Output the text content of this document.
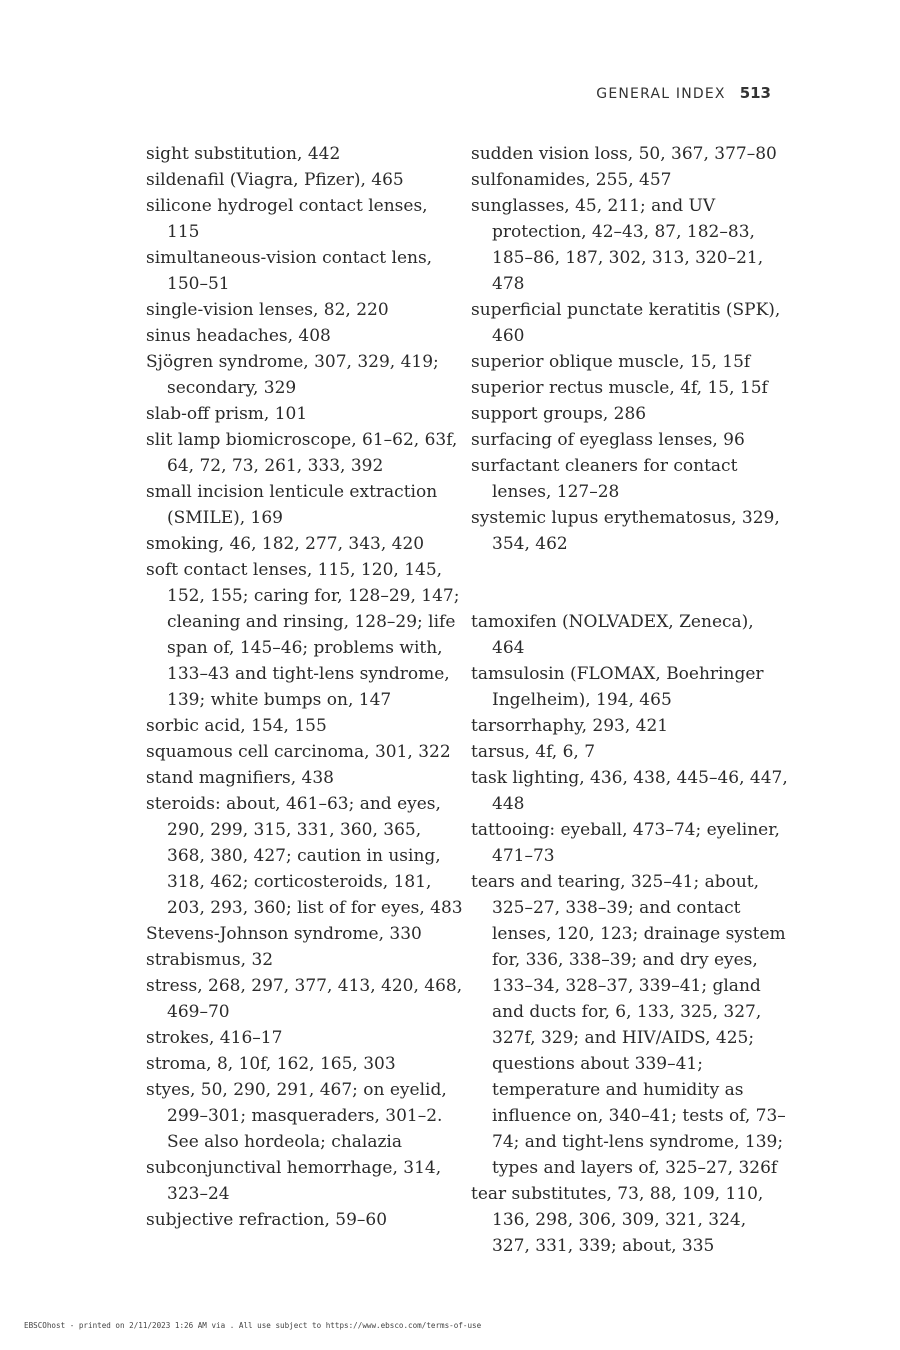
GENERAL INDEX 513
sight substitution, 442
sildenafil (Viagra, Pfizer), 465
silicone hydrogel contact lenses, 115
simultaneous-vision contact lens, 150–51
single-vision lenses, 82, 220
sinus headaches, 408
Sjögren syndrome, 307, 329, 419; secondary, 329
slab-off prism, 101
slit lamp biomicroscope, 61–62, 63f, 64, 72, 73, 261, 333, 392
small incision lenticule extraction (SMILE), 169
smoking, 46, 182, 277, 343, 420
soft contact lenses, 115, 120, 145, 152, 155; caring for, 128–29, 147; cleaning and rinsing, 128–29; life span of, 145–46; problems with, 133–43 and tight-lens syndrome, 139; white bumps on, 147
sorbic acid, 154, 155
squamous cell carcinoma, 301, 322
stand magnifiers, 438
steroids: about, 461–63; and eyes, 290, 299, 315, 331, 360, 365, 368, 380, 427; caution in using, 318, 462; corticosteroids, 181, 203, 293, 360; list of for eyes, 483
Stevens-Johnson syndrome, 330
strabismus, 32
stress, 268, 297, 377, 413, 420, 468, 469–70
strokes, 416–17
stroma, 8, 10f, 162, 165, 303
styes, 50, 290, 291, 467; on eyelid, 299–301; masqueraders, 301–2. See also hordeola; chalazia
subconjunctival hemorrhage, 314, 323–24
subjective refraction, 59–60
sudden vision loss, 50, 367, 377–80
sulfonamides, 255, 457
sunglasses, 45, 211; and UV protection, 42–43, 87, 182–83, 185–86, 187, 302, 313, 320–21, 478
superficial punctate keratitis (SPK), 460
superior oblique muscle, 15, 15f
superior rectus muscle, 4f, 15, 15f
support groups, 286
surfacing of eyeglass lenses, 96
surfactant cleaners for contact lenses, 127–28
systemic lupus erythematosus, 329, 354, 462
tamoxifen (NOLVADEX, Zeneca), 464
tamsulosin (FLOMAX, Boehringer Ingelheim), 194, 465
tarsorrhaphy, 293, 421
tarsus, 4f, 6, 7
task lighting, 436, 438, 445–46, 447, 448
tattooing: eyeball, 473–74; eyeliner, 471–73
tears and tearing, 325–41; about, 325–27, 338–39; and contact lenses, 120, 123; drainage system for, 336, 338–39; and dry eyes, 133–34, 328–37, 339–41; gland and ducts for, 6, 133, 325, 327, 327f, 329; and HIV/AIDS, 425; questions about 339–41; temperature and humidity as influence on, 340–41; tests of, 73–74; and tight-lens syndrome, 139; types and layers of, 325–27, 326f
tear substitutes, 73, 88, 109, 110, 136, 298, 306, 309, 321, 324, 327, 331, 339; about, 335
EBSCOhost - printed on 2/11/2023 1:26 AM via . All use subject to https://www.ebsco.com/terms-of-use
